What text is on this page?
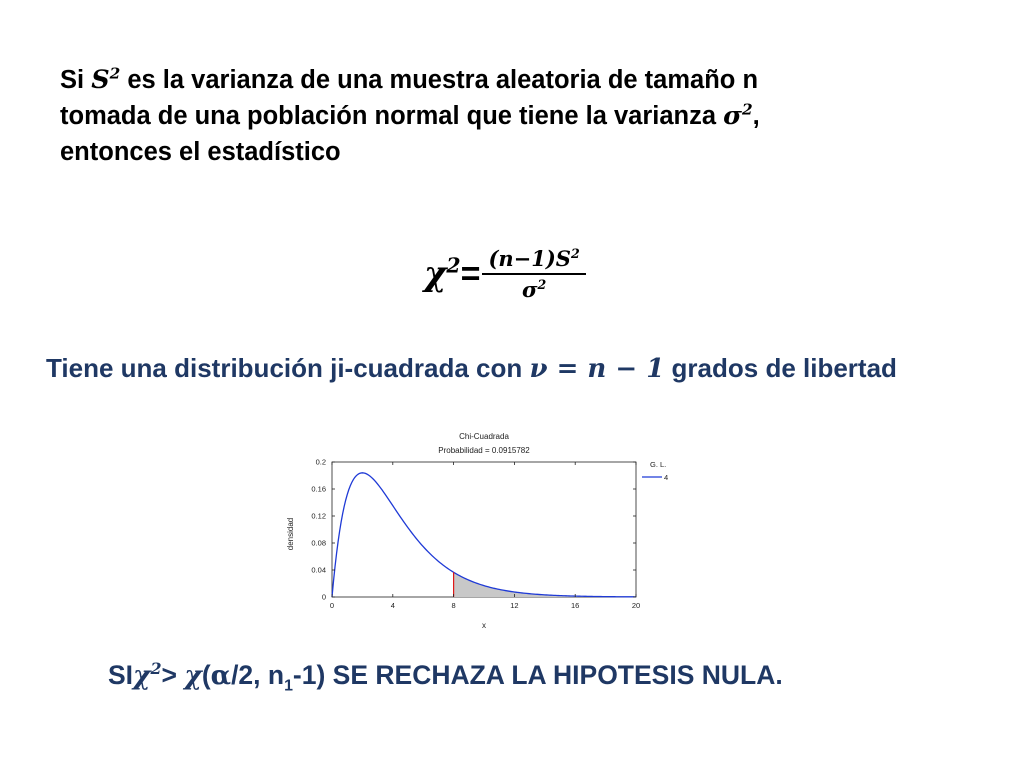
Si $S^2$ es la varianza de una muestra aleatoria de tamaño n
tomada de una población normal que tiene la varianza $\sigma^2$,
entonces el estadístico
$\chi^2 = \frac{(n-1)S^2}{\sigma^2}$
Tiene una distribución ji-cuadrada con ν = n − 1 grados de libertad
Chi-Cuadrada
Probabilidad = 0.0915782
0	4	8	12	16	20
0
0.04
0.08
0.12
0.16
0.2
x
densidad
G. L.
4
SIχ$^2$> χ(α/2, $n_1-1$) SE RECHAZA LA HIPOTESIS NULA.
